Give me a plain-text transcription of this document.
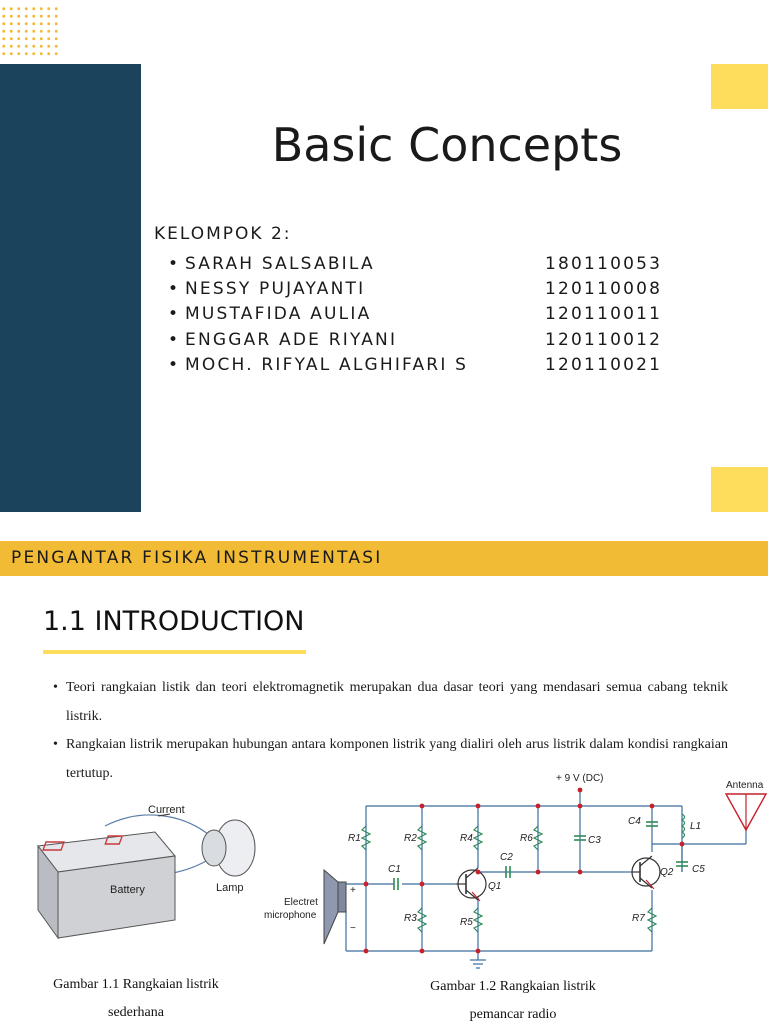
Basic Concepts
KELOMPOK 2:
• SARAH SALSABILA	180110053
• NESSY PUJAYANTI	120110008
• MUSTAFIDA AULIA	120110011
• ENGGAR ADE RIYANI	120110012
• MOCH. RIFYAL ALGHIFARI S	120110021
PENGANTAR FISIKA INSTRUMENTASI
1.1 INTRODUCTION
• Teori rangkaian listik dan teori elektromagnetik merupakan dua dasar teori yang mendasari semua cabang teknik listrik.
• Rangkaian listrik merupakan hubungan antara komponen listrik yang dialiri oleh arus listrik dalam kondisi rangkaian tertutup.
Current
Battery	Lamp
Gambar 1.1 Rangkaian listrik
sederhana
+ 9 V (DC)
Antenna
Electret
microphone
+
−
R1	R2
R3
R4
R5
R6
R7
C1
C2
C3
C4
C5
Q1
Q2
L1
Gambar 1.2 Rangkaian listrik
pemancar radio
